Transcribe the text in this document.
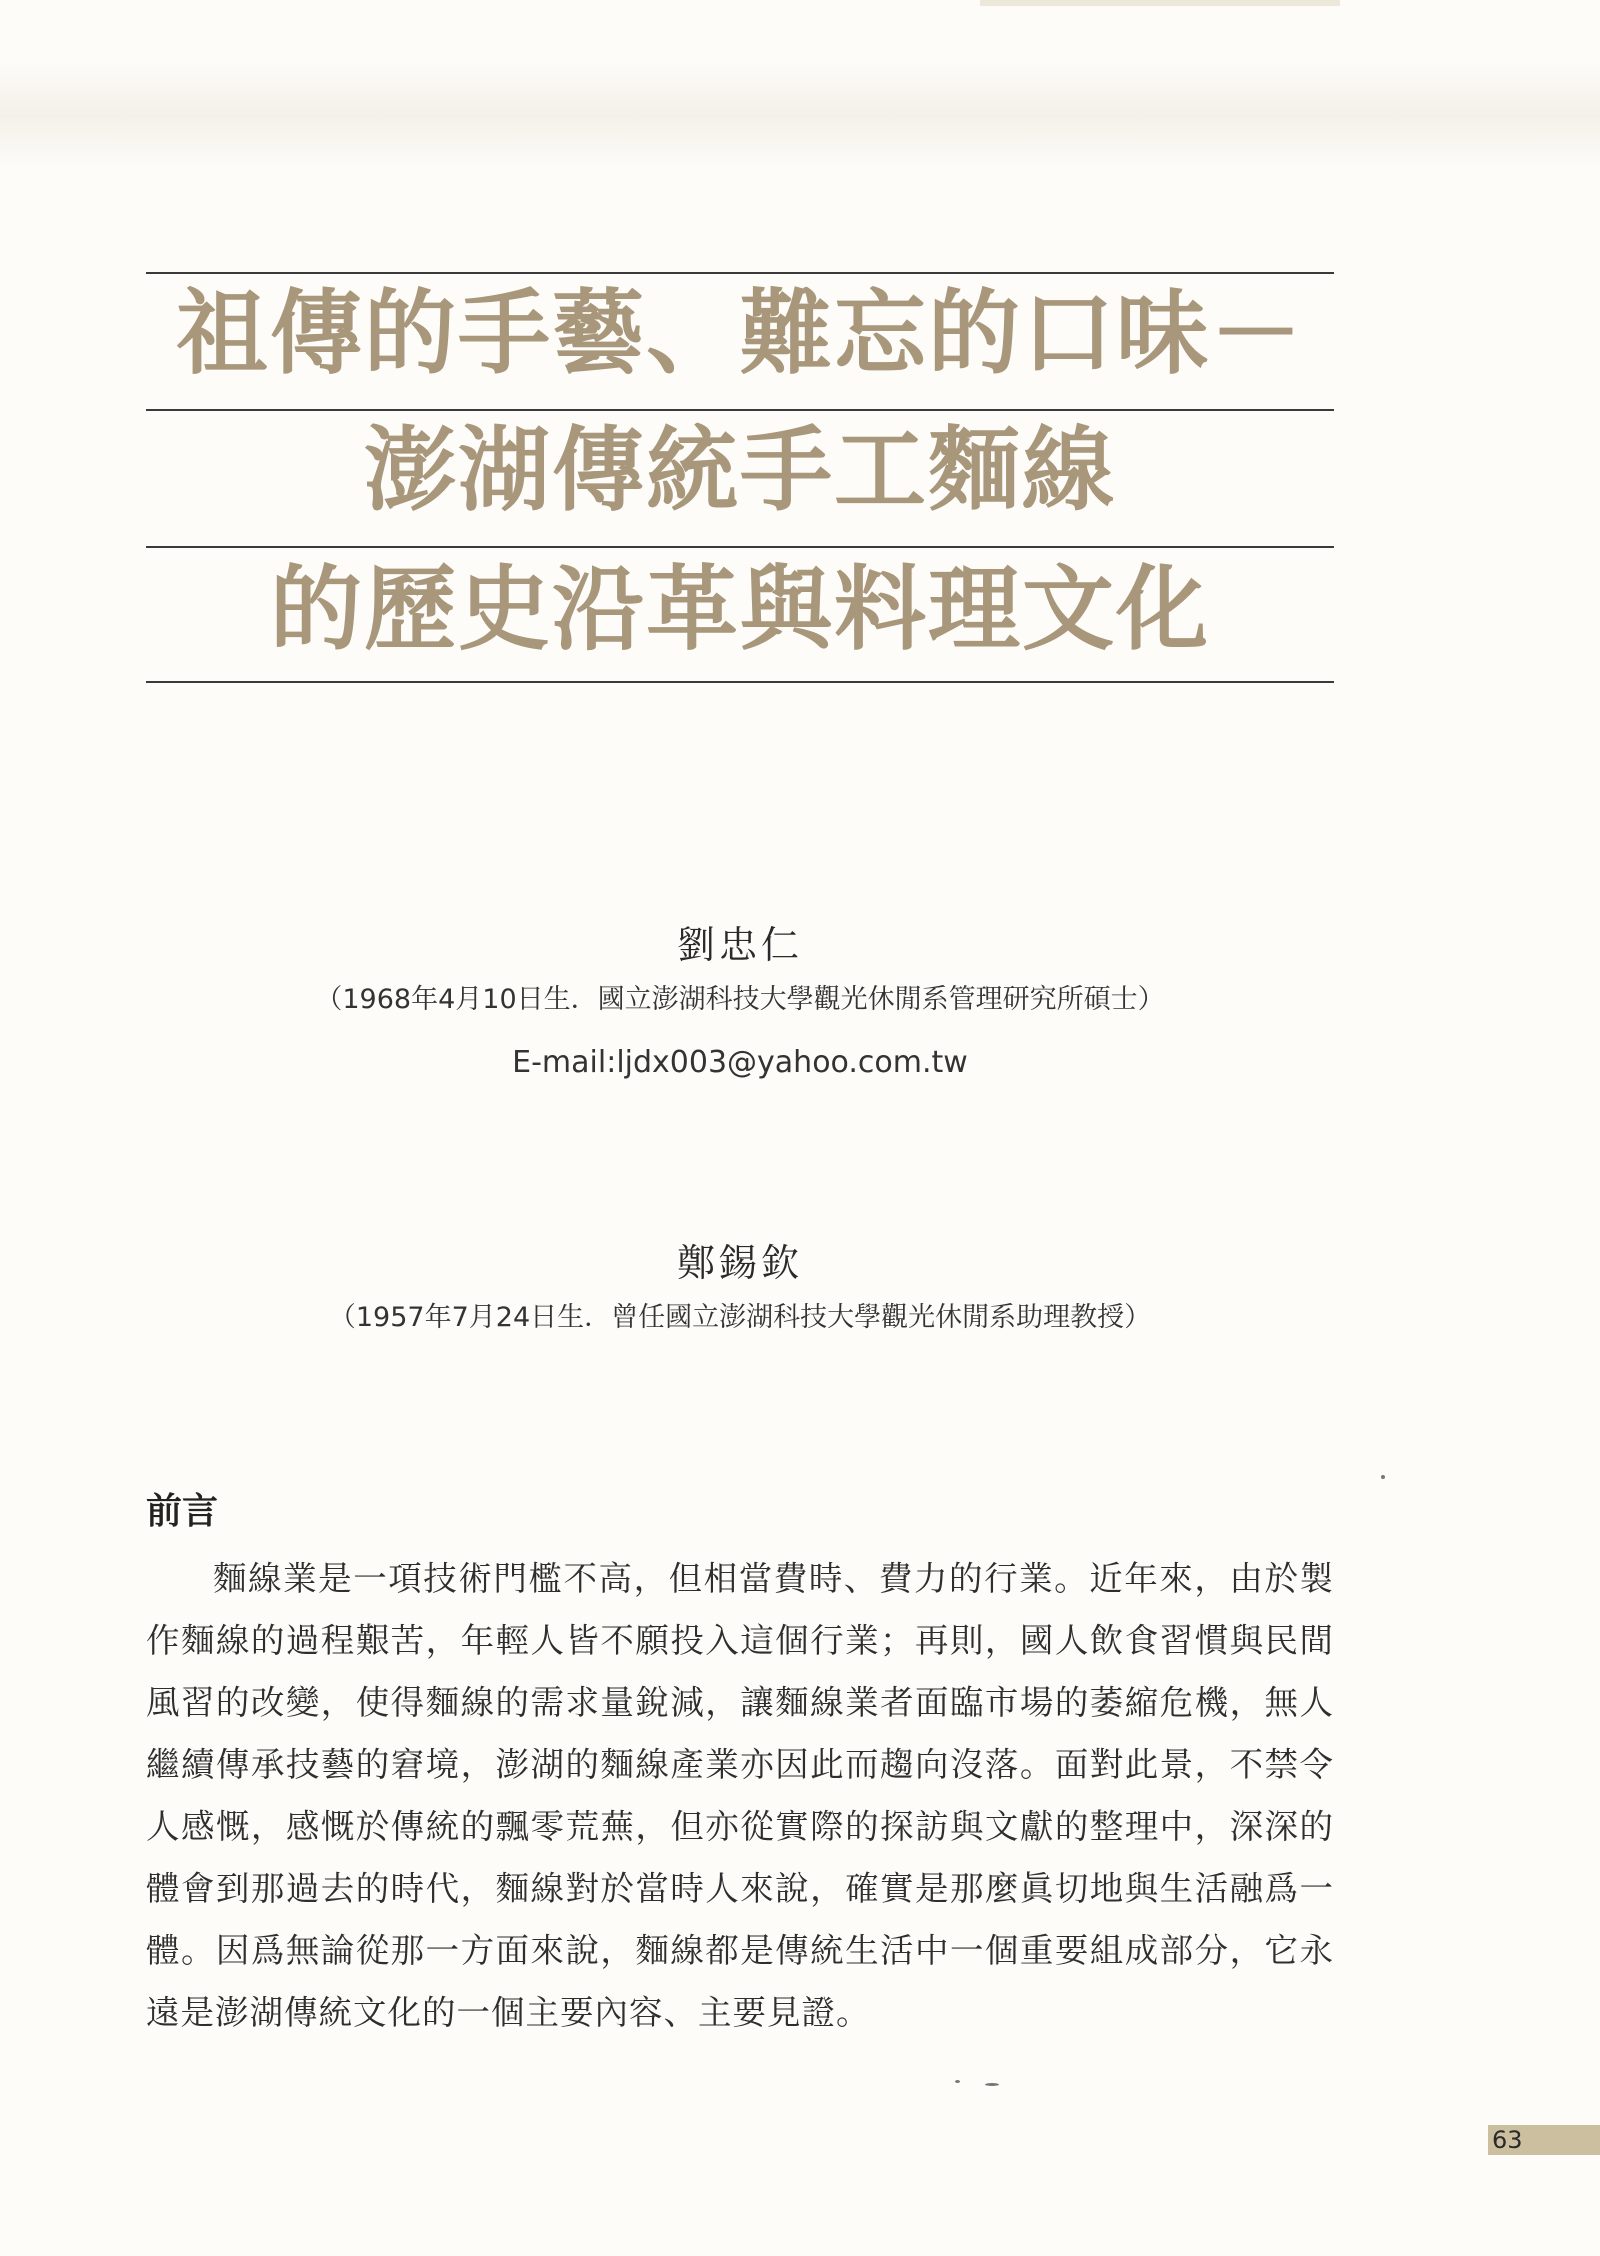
祖傳的手藝、難忘的口味－
澎湖傳統手工麵線
的歷史沿革與料理文化
劉忠仁
（1968年4月10日生．國立澎湖科技大學觀光休閒系管理研究所碩士）
E-mail:ljdx003@yahoo.com.tw
鄭錫欽
（1957年7月24日生．曾任國立澎湖科技大學觀光休閒系助理教授）
前言

麵線業是一項技術門檻不高，但相當費時、費力的行業。近年來，由於製作麵線的過程艱苦，年輕人皆不願投入這個行業；再則，國人飲食習慣與民間風習的改變，使得麵線的需求量銳減，讓麵線業者面臨市場的萎縮危機，無人繼續傳承技藝的窘境，澎湖的麵線產業亦因此而趨向沒落。面對此景，不禁令人感慨，感慨於傳統的飄零荒蕪，但亦從實際的探訪與文獻的整理中，深深的體會到那過去的時代，麵線對於當時人來說，確實是那麼眞切地與生活融爲一體。因爲無論從那一方面來說，麵線都是傳統生活中一個重要組成部分，它永遠是澎湖傳統文化的一個主要內容、主要見證。

63
